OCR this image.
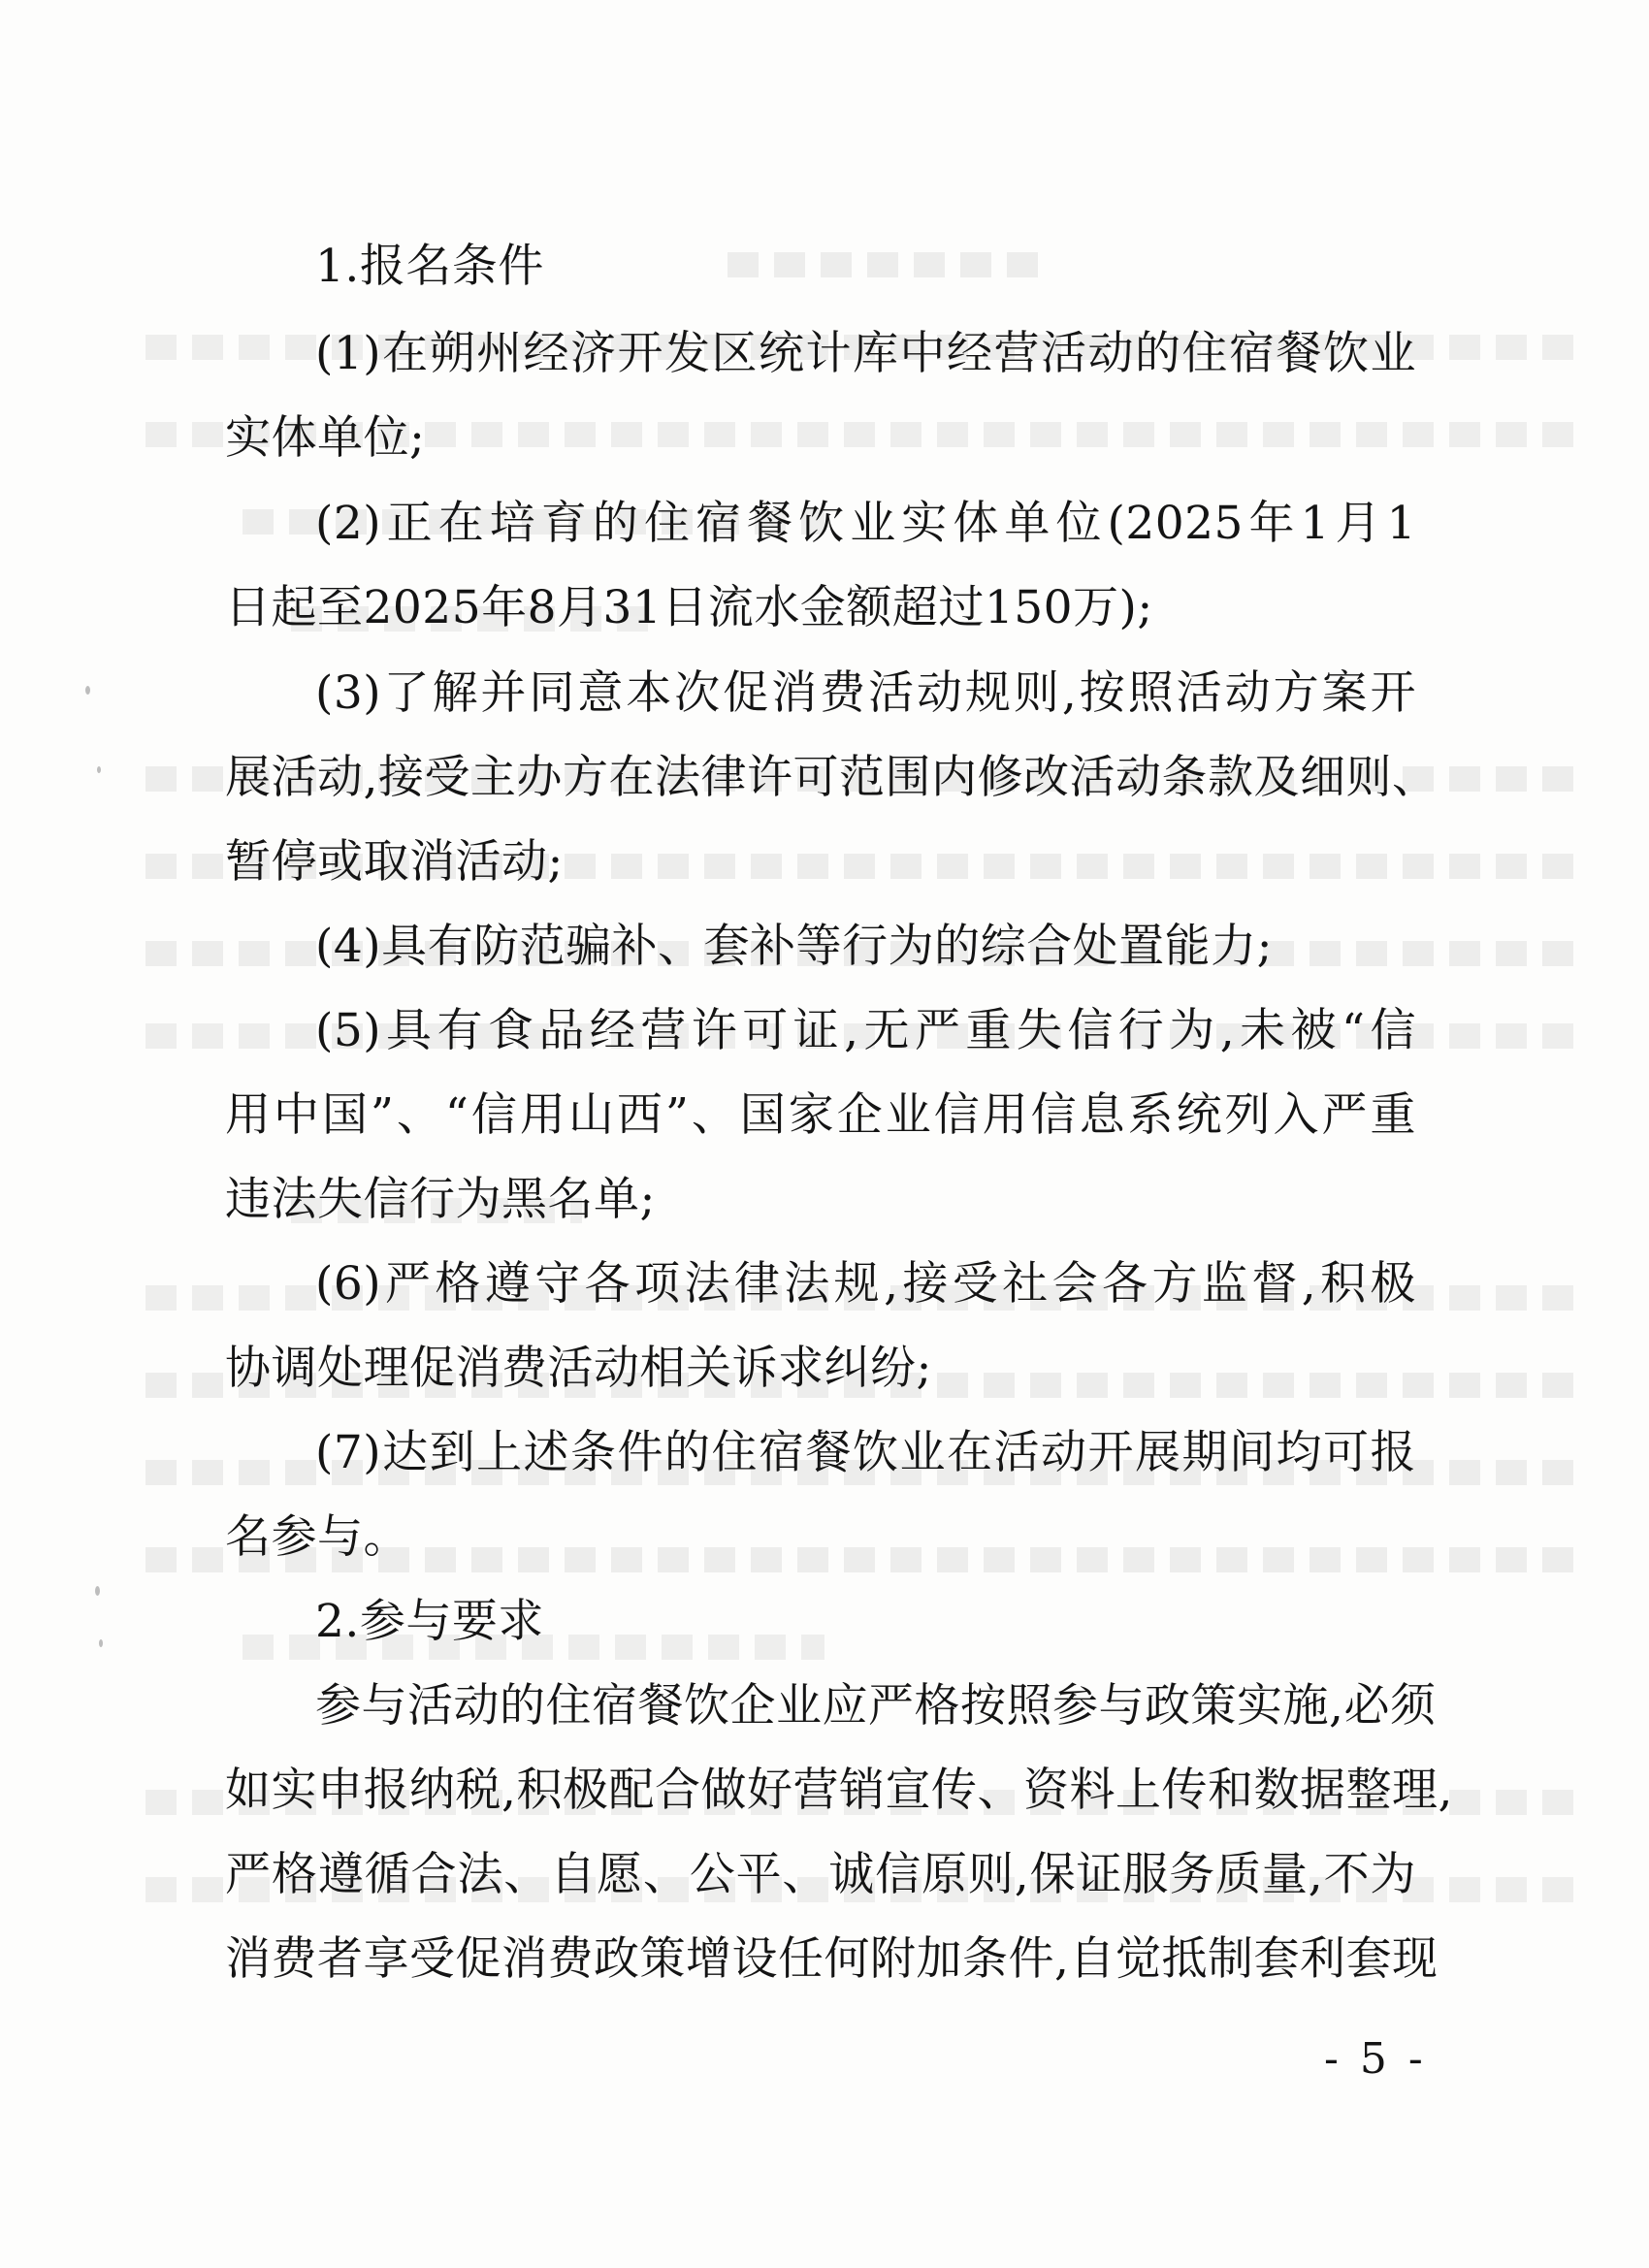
1.报名条件
(1)在朔州经济开发区统计库中经营活动的住宿餐饮业
实体单位;
(2)正在培育的住宿餐饮业实体单位(2025年1月1
日起至2025年8月31日流水金额超过150万);
(3)了解并同意本次促消费活动规则,按照活动方案开
展活动,接受主办方在法律许可范围内修改活动条款及细则、
暂停或取消活动;
(4)具有防范骗补、套补等行为的综合处置能力;
(5)具有食品经营许可证,无严重失信行为,未被“信
用中国”、“信用山西”、国家企业信用信息系统列入严重
违法失信行为黑名单;
(6)严格遵守各项法律法规,接受社会各方监督,积极
协调处理促消费活动相关诉求纠纷;
(7)达到上述条件的住宿餐饮业在活动开展期间均可报
名参与。
2.参与要求
参与活动的住宿餐饮企业应严格按照参与政策实施,必须
如实申报纳税,积极配合做好营销宣传、资料上传和数据整理,
严格遵循合法、自愿、公平、诚信原则,保证服务质量,不为
消费者享受促消费政策增设任何附加条件,自觉抵制套利套现
- 5 -
